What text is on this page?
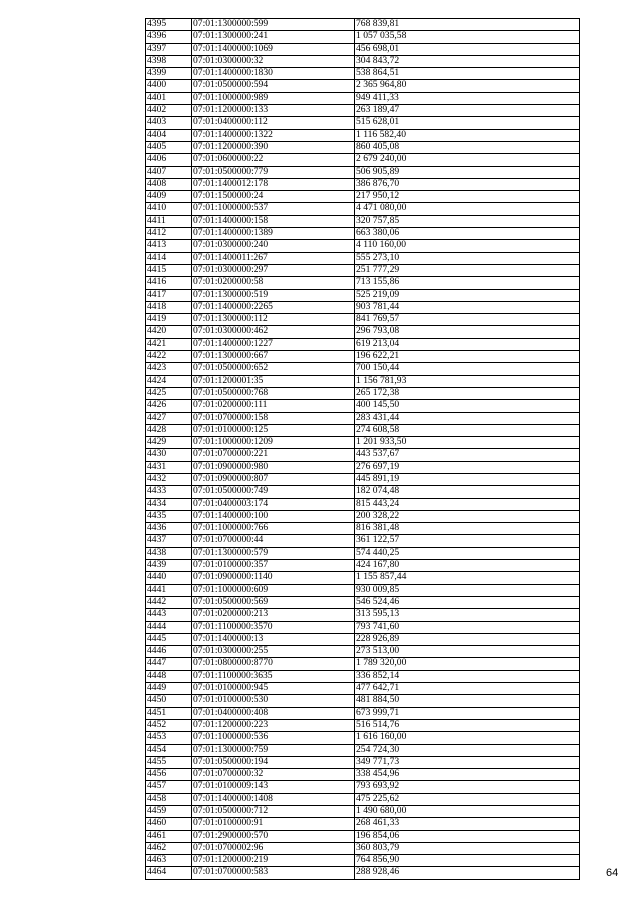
4395	07:01:1300000:599	768 839,81
4396	07:01:1300000:241	1 057 035,58
4397	07:01:1400000:1069	456 698,01
4398	07:01:0300000:32	304 843,72
4399	07:01:1400000:1830	538 864,51
4400	07:01:0500000:594	2 365 964,80
4401	07:01:1000000:989	949 411,33
4402	07:01:1200000:133	263 189,47
4403	07:01:0400000:112	515 628,01
4404	07:01:1400000:1322	1 116 582,40
4405	07:01:1200000:390	860 405,08
4406	07:01:0600000:22	2 679 240,00
4407	07:01:0500000:779	506 905,89
4408	07:01:1400012:178	386 876,70
4409	07:01:1500000:24	217 950,12
4410	07:01:1000000:537	4 471 080,00
4411	07:01:1400000:158	320 757,85
4412	07:01:1400000:1389	663 380,06
4413	07:01:0300000:240	4 110 160,00
4414	07:01:1400011:267	555 273,10
4415	07:01:0300000:297	251 777,29
4416	07:01:0200000:58	713 155,86
4417	07:01:1300000:519	525 219,09
4418	07:01:1400000:2265	903 781,44
4419	07:01:1300000:112	841 769,57
4420	07:01:0300000:462	296 793,08
4421	07:01:1400000:1227	619 213,04
4422	07:01:1300000:667	196 622,21
4423	07:01:0500000:652	700 150,44
4424	07:01:1200001:35	1 156 781,93
4425	07:01:0500000:768	265 172,38
4426	07:01:0200000:111	400 145,50
4427	07:01:0700000:158	283 431,44
4428	07:01:0100000:125	274 608,58
4429	07:01:1000000:1209	1 201 933,50
4430	07:01:0700000:221	443 537,67
4431	07:01:0900000:980	276 697,19
4432	07:01:0900000:807	445 891,19
4433	07:01:0500000:749	182 074,48
4434	07:01:0400003:174	815 443,24
4435	07:01:1400000:100	200 328,22
4436	07:01:1000000:766	816 381,48
4437	07:01:0700000:44	361 122,57
4438	07:01:1300000:579	574 440,25
4439	07:01:0100000:357	424 167,80
4440	07:01:0900000:1140	1 155 857,44
4441	07:01:1000000:609	930 009,85
4442	07:01:0500000:569	546 524,46
4443	07:01:0200000:213	313 595,13
4444	07:01:1100000:3570	793 741,60
4445	07:01:1400000:13	228 926,89
4446	07:01:0300000:255	273 513,00
4447	07:01:0800000:8770	1 789 320,00
4448	07:01:1100000:3635	336 852,14
4449	07:01:0100000:945	477 642,71
4450	07:01:0100000:530	481 884,50
4451	07:01:0400000:408	673 999,71
4452	07:01:1200000:223	516 514,76
4453	07:01:1000000:536	1 616 160,00
4454	07:01:1300000:759	254 724,30
4455	07:01:0500000:194	349 771,73
4456	07:01:0700000:32	338 454,96
4457	07:01:0100009:143	793 693,92
4458	07:01:1400000:1408	475 225,62
4459	07:01:0500000:712	1 490 680,00
4460	07:01:0100000:91	268 461,33
4461	07:01:2900000:570	196 854,06
4462	07:01:0700002:96	360 803,79
4463	07:01:1200000:219	764 856,90
4464	07:01:0700000:583	288 928,46	64
